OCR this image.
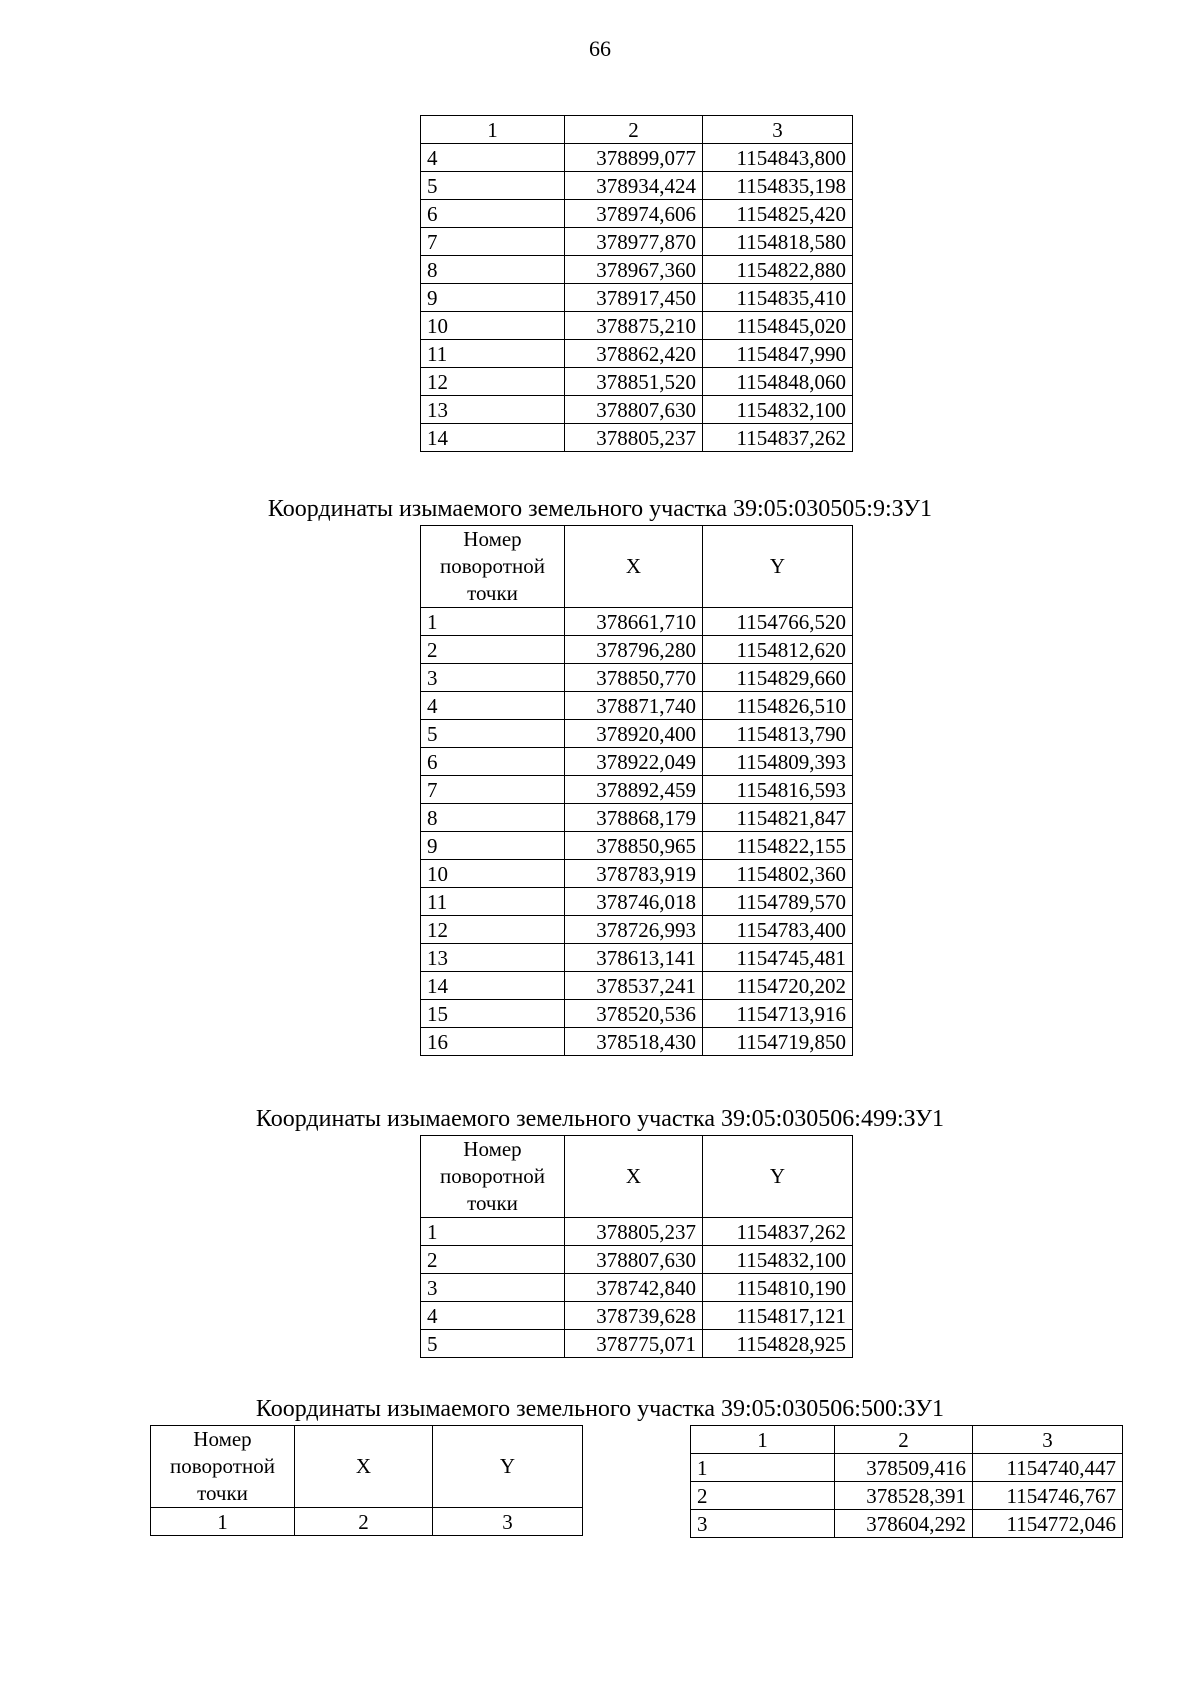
66
1	2	3
4	378899,077	1154843,800
5	378934,424	1154835,198
6	378974,606	1154825,420
7	378977,870	1154818,580
8	378967,360	1154822,880
9	378917,450	1154835,410
10	378875,210	1154845,020
11	378862,420	1154847,990
12	378851,520	1154848,060
13	378807,630	1154832,100
14	378805,237	1154837,262
Координаты изымаемого земельного участка 39:05:030505:9:ЗУ1
Номер
поворотной
точки	X	Y
1	378661,710	1154766,520
2	378796,280	1154812,620
3	378850,770	1154829,660
4	378871,740	1154826,510
5	378920,400	1154813,790
6	378922,049	1154809,393
7	378892,459	1154816,593
8	378868,179	1154821,847
9	378850,965	1154822,155
10	378783,919	1154802,360
11	378746,018	1154789,570
12	378726,993	1154783,400
13	378613,141	1154745,481
14	378537,241	1154720,202
15	378520,536	1154713,916
16	378518,430	1154719,850
Координаты изымаемого земельного участка 39:05:030506:499:ЗУ1
Номер
поворотной
точки	X	Y
1	378805,237	1154837,262
2	378807,630	1154832,100
3	378742,840	1154810,190
4	378739,628	1154817,121
5	378775,071	1154828,925
Координаты изымаемого земельного участка 39:05:030506:500:ЗУ1
Номер
поворотной
точки	X	Y
1	2	3
1	2	3
1	378509,416	1154740,447
2	378528,391	1154746,767
3	378604,292	1154772,046
